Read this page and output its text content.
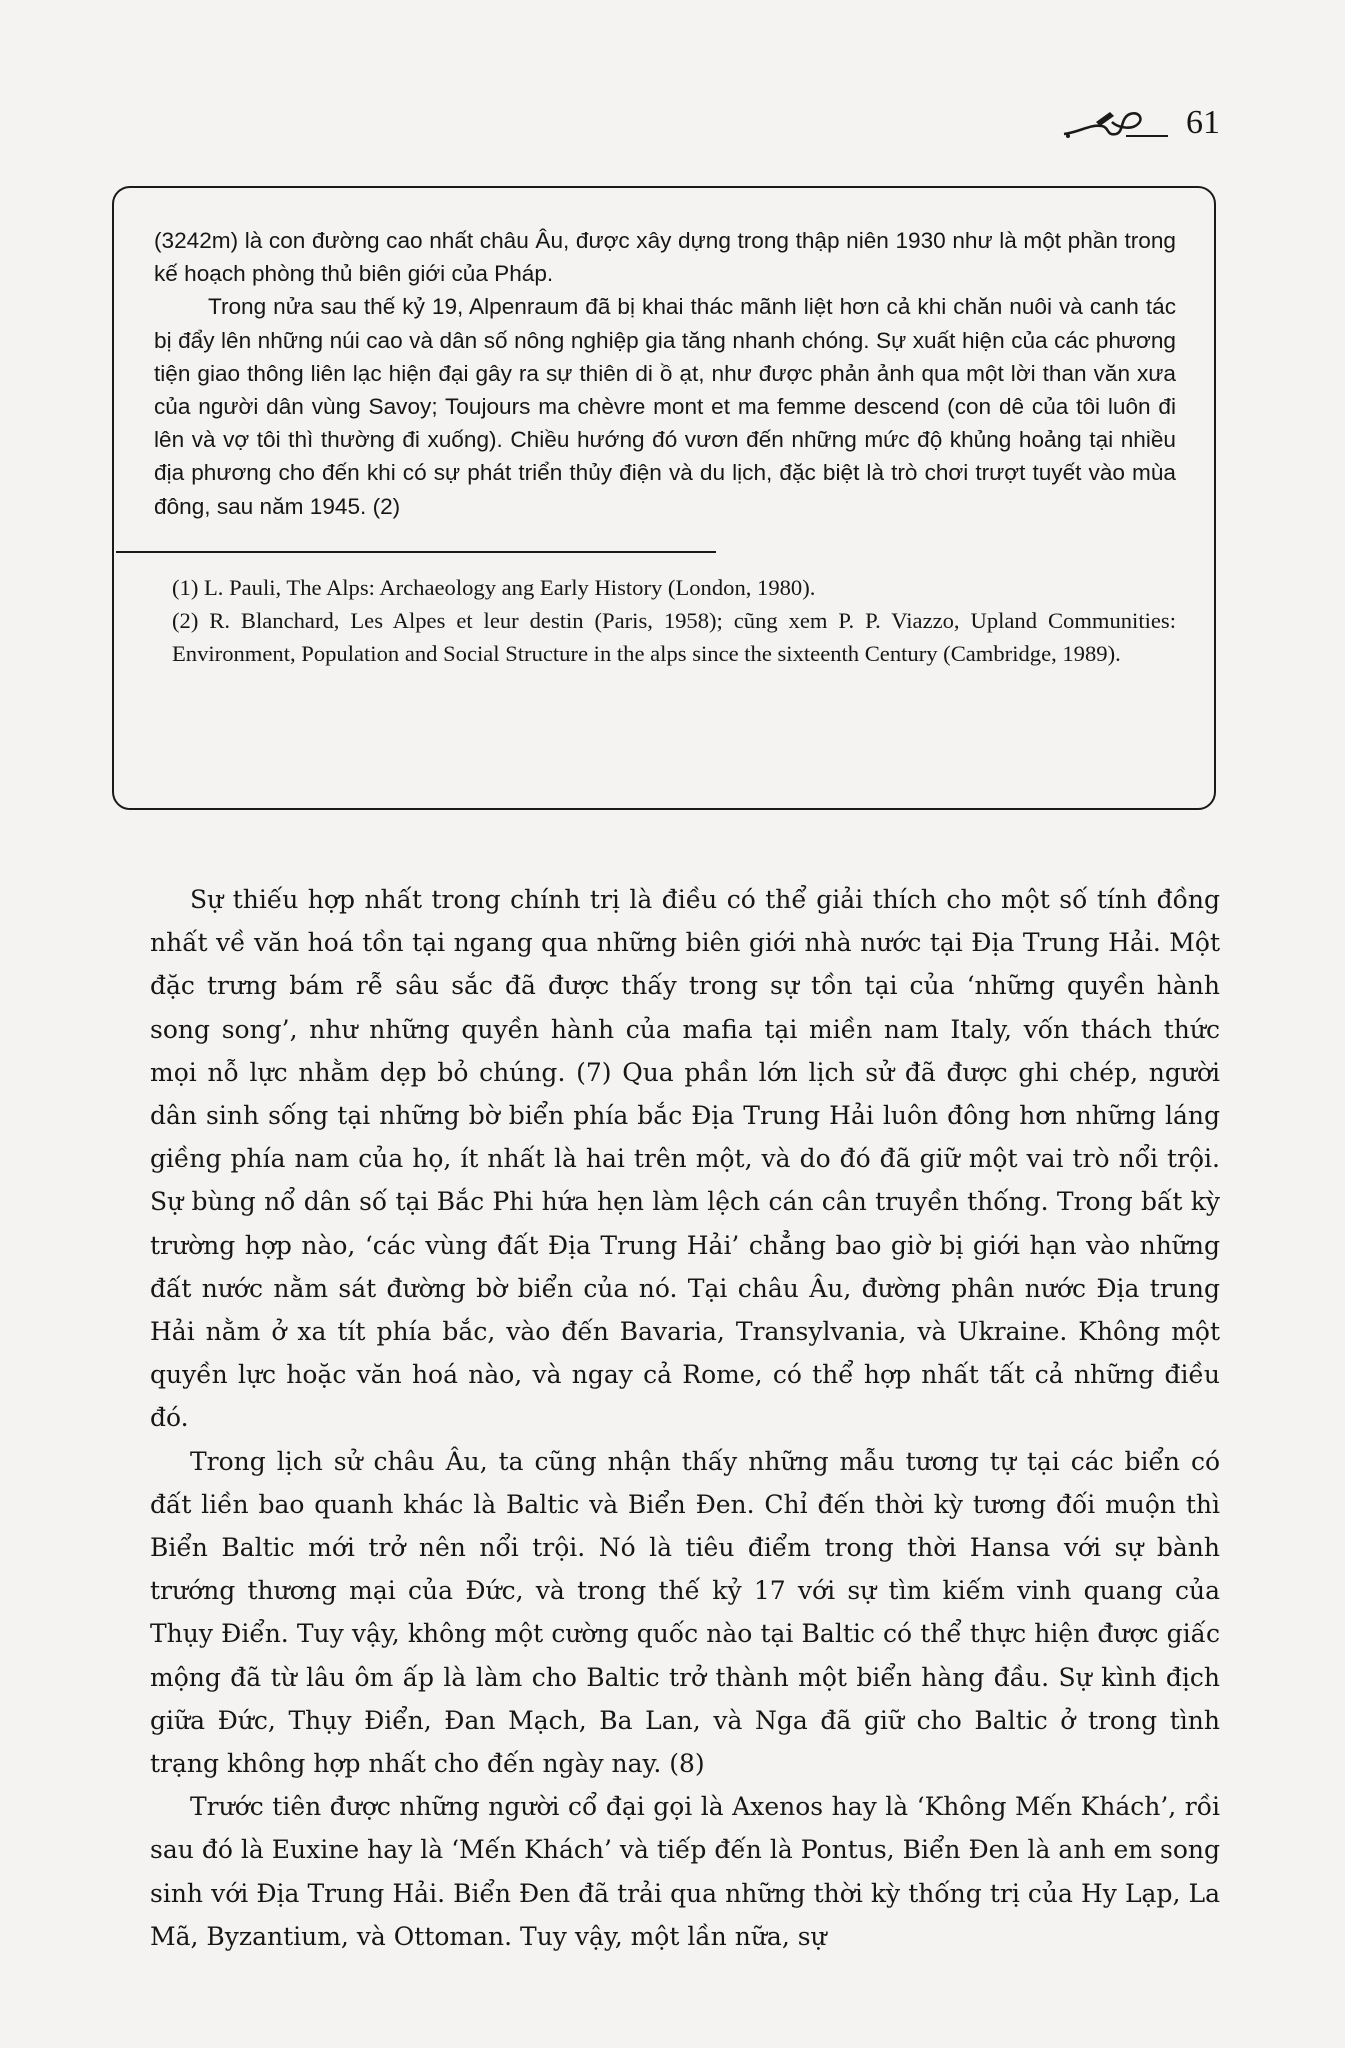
61

(3242m) là con đường cao nhất châu Âu, được xây dựng trong thập niên 1930 như là một phần trong kế hoạch phòng thủ biên giới của Pháp.

Trong nửa sau thế kỷ 19, Alpenraum đã bị khai thác mãnh liệt hơn cả khi chăn nuôi và canh tác bị đẩy lên những núi cao và dân số nông nghiệp gia tăng nhanh chóng. Sự xuất hiện của các phương tiện giao thông liên lạc hiện đại gây ra sự thiên di ồ ạt, như được phản ảnh qua một lời than văn xưa của người dân vùng Savoy; Toujours ma chèvre mont et ma femme descend (con dê của tôi luôn đi lên và vợ tôi thì thường đi xuống). Chiều hướng đó vươn đến những mức độ khủng hoảng tại nhiều địa phương cho đến khi có sự phát triển thủy điện và du lịch, đặc biệt là trò chơi trượt tuyết vào mùa đông, sau năm 1945. (2)

(1) L. Pauli, The Alps: Archaeology ang Early History (London, 1980).

(2) R. Blanchard, Les Alpes et leur destin (Paris, 1958); cũng xem P. P. Viazzo, Upland Communities: Environment, Population and Social Structure in the alps since the sixteenth Century (Cambridge, 1989).

Sự thiếu hợp nhất trong chính trị là điều có thể giải thích cho một số tính đồng nhất về văn hoá tồn tại ngang qua những biên giới nhà nước tại Địa Trung Hải. Một đặc trưng bám rễ sâu sắc đã được thấy trong sự tồn tại của ‘những quyền hành song song’, như những quyền hành của mafia tại miền nam Italy, vốn thách thức mọi nỗ lực nhằm dẹp bỏ chúng. (7) Qua phần lớn lịch sử đã được ghi chép, người dân sinh sống tại những bờ biển phía bắc Địa Trung Hải luôn đông hơn những láng giềng phía nam của họ, ít nhất là hai trên một, và do đó đã giữ một vai trò nổi trội. Sự bùng nổ dân số tại Bắc Phi hứa hẹn làm lệch cán cân truyền thống. Trong bất kỳ trường hợp nào, ‘các vùng đất Địa Trung Hải’ chẳng bao giờ bị giới hạn vào những đất nước nằm sát đường bờ biển của nó. Tại châu Âu, đường phân nước Địa trung Hải nằm ở xa tít phía bắc, vào đến Bavaria, Transylvania, và Ukraine. Không một quyền lực hoặc văn hoá nào, và ngay cả Rome, có thể hợp nhất tất cả những điều đó.

Trong lịch sử châu Âu, ta cũng nhận thấy những mẫu tương tự tại các biển có đất liền bao quanh khác là Baltic và Biển Đen. Chỉ đến thời kỳ tương đối muộn thì Biển Baltic mới trở nên nổi trội. Nó là tiêu điểm trong thời Hansa với sự bành trướng thương mại của Đức, và trong thế kỷ 17 với sự tìm kiếm vinh quang của Thụy Điển. Tuy vậy, không một cường quốc nào tại Baltic có thể thực hiện được giấc mộng đã từ lâu ôm ấp là làm cho Baltic trở thành một biển hàng đầu. Sự kình địch giữa Đức, Thụy Điển, Đan Mạch, Ba Lan, và Nga đã giữ cho Baltic ở trong tình trạng không hợp nhất cho đến ngày nay. (8)

Trước tiên được những người cổ đại gọi là Axenos hay là ‘Không Mến Khách’, rồi sau đó là Euxine hay là ‘Mến Khách’ và tiếp đến là Pontus, Biển Đen là anh em song sinh với Địa Trung Hải. Biển Đen đã trải qua những thời kỳ thống trị của Hy Lạp, La Mã, Byzantium, và Ottoman. Tuy vậy, một lần nữa, sự
